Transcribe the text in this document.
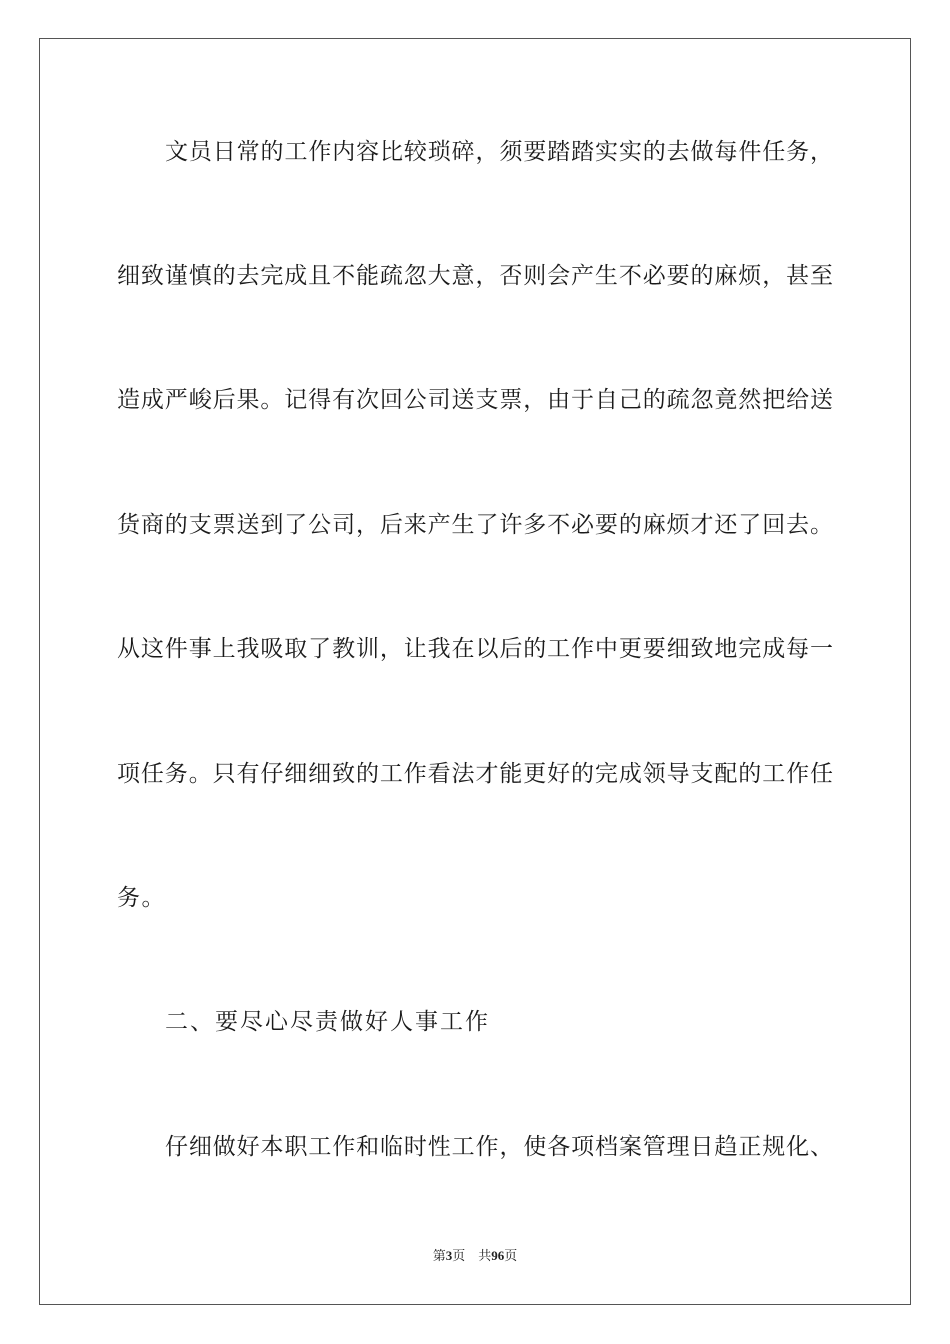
文员日常的工作内容比较琐碎，须要踏踏实实的去做每件任务，
细致谨慎的去完成且不能疏忽大意，否则会产生不必要的麻烦，甚至
造成严峻后果。记得有次回公司送支票，由于自己的疏忽竟然把给送
货商的支票送到了公司，后来产生了许多不必要的麻烦才还了回去。
从这件事上我吸取了教训，让我在以后的工作中更要细致地完成每一
项任务。只有仔细细致的工作看法才能更好的完成领导支配的工作任
务。
二、要尽心尽责做好人事工作
仔细做好本职工作和临时性工作，使各项档案管理日趋正规化、
第3页　共96页
